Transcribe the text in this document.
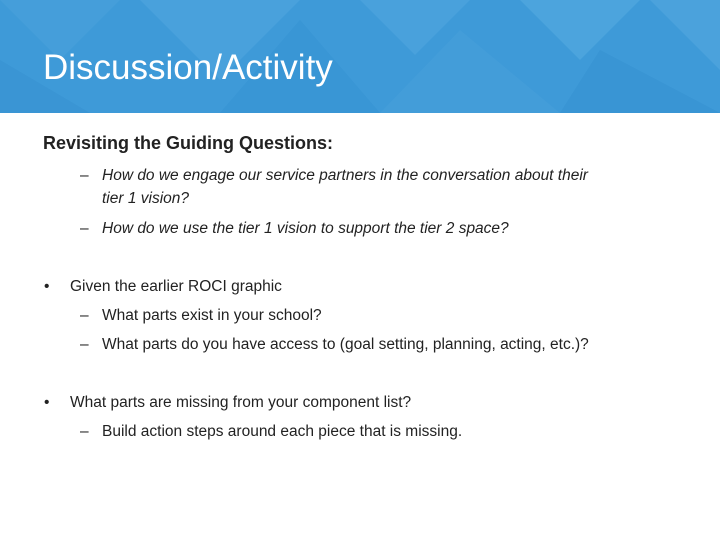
Discussion/Activity
Revisiting the Guiding Questions:
– How do we engage our service partners in the conversation about their
tier 1 vision?
– How do we use the tier 1 vision to support the tier 2 space?
• Given the earlier ROCI graphic
– What parts exist in your school?
– What parts do you have access to (goal setting, planning, acting, etc.)?
• What parts are missing from your component list?
– Build action steps around each piece that is missing.
